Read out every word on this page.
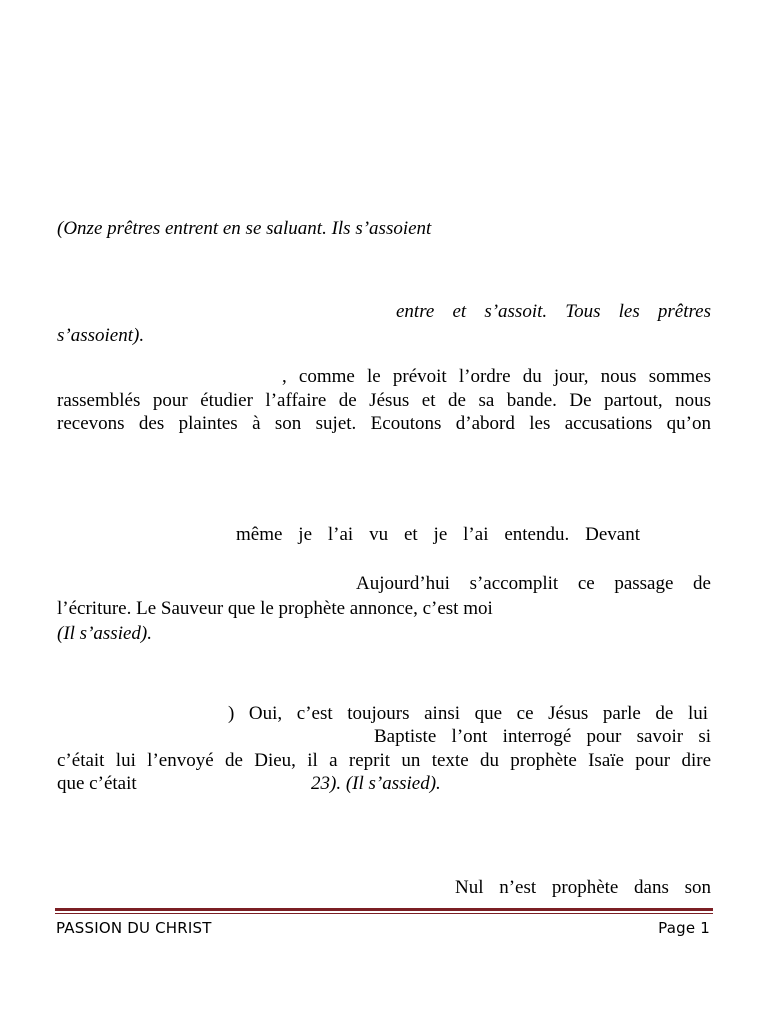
(Onze prêtres entrent en se saluant. Ils s’assoient
entre et s’assoit. Tous les prêtres
s’assoient).
, comme le prévoit l’ordre du jour, nous sommes
rassemblés pour étudier l’affaire de Jésus et de sa bande. De partout, nous
recevons des plaintes à son sujet. Ecoutons d’abord les accusations qu’on
même je l’ai vu et je l’ai entendu. Devant
Aujourd’hui s’accomplit ce passage de
l’écriture. Le Sauveur que le prophète annonce, c’est moi
(Il s’assied).
) Oui, c’est toujours ainsi que ce Jésus parle de lui
Baptiste l’ont interrogé pour savoir si
c’était lui l’envoyé de Dieu, il a reprit un texte du prophète Isaïe pour dire
que c’était	23). (Il s’assied).
Nul n’est prophète dans son
PASSION DU CHRIST	Page 1
